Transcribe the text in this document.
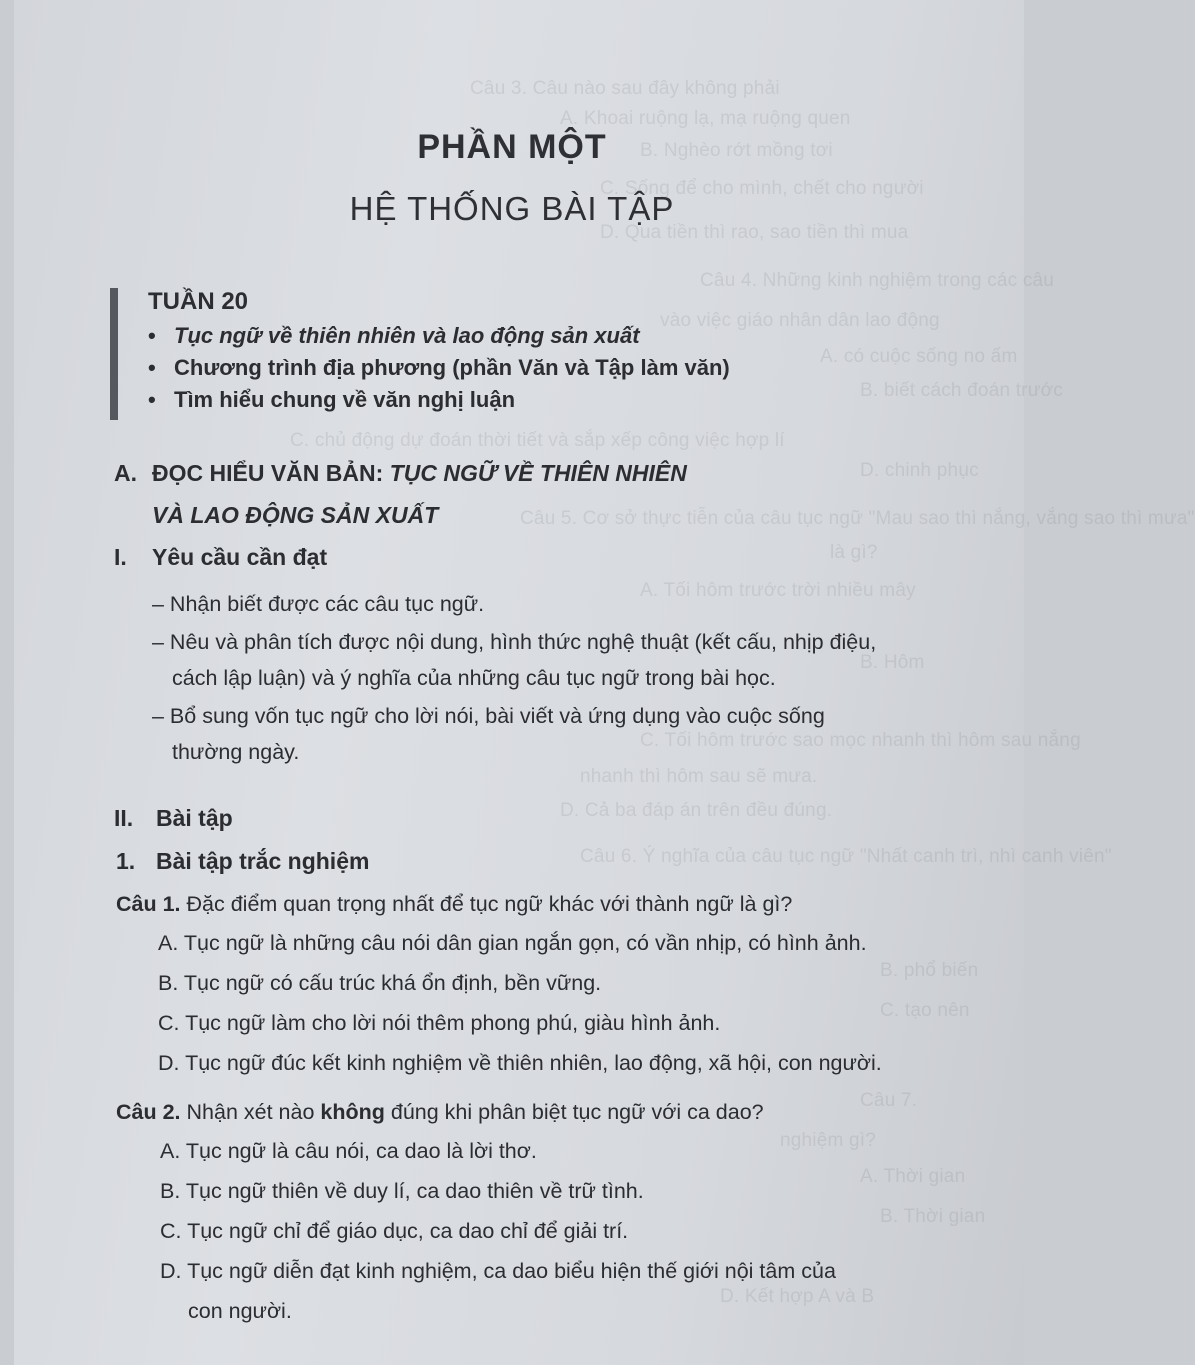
Câu 3. Câu nào sau đây không phải
A. Khoai ruộng lạ, mạ ruộng quen
B. Nghèo rớt mồng tơi
C. Sống để cho mình, chết cho người
D. Qua tiền thì rao, sao tiền thì mua
Câu 4. Những kinh nghiệm trong các câu
vào việc giáo nhân dân lao động
A. có cuộc sống no ấm
B. biết cách đoán trước
C. chủ động dự đoán thời tiết và sắp xếp công việc hợp lí
D. chinh phục
Câu 5. Cơ sở thực tiễn của câu tục ngữ "Mau sao thì nắng, vắng sao thì mưa"
là gì?
A. Tối hôm trước trời nhiều mây
B. Hôm
C. Tối hôm trước sao mọc nhanh thì hôm sau nắng
nhanh thì hôm sau sẽ mưa.
D. Cả ba đáp án trên đều đúng.
Câu 6. Ý nghĩa của câu tục ngữ "Nhất canh trì, nhì canh viên"
B. phổ biến
C. tạo nên
Câu 7.
nghiệm gì?
A. Thời gian
B. Thời gian
D. Kết hợp A và B
PHẦN MỘT
HỆ THỐNG BÀI TẬP
TUẦN 20
• Tục ngữ về thiên nhiên và lao động sản xuất
• Chương trình địa phương (phần Văn và Tập làm văn)
• Tìm hiểu chung về văn nghị luận
A. ĐỌC HIỂU VĂN BẢN: TỤC NGỮ VỀ THIÊN NHIÊN
VÀ LAO ĐỘNG SẢN XUẤT
I. Yêu cầu cần đạt
– Nhận biết được các câu tục ngữ.
– Nêu và phân tích được nội dung, hình thức nghệ thuật (kết cấu, nhịp điệu,
cách lập luận) và ý nghĩa của những câu tục ngữ trong bài học.
– Bổ sung vốn tục ngữ cho lời nói, bài viết và ứng dụng vào cuộc sống
thường ngày.
II. Bài tập
1. Bài tập trắc nghiệm
Câu 1. Đặc điểm quan trọng nhất để tục ngữ khác với thành ngữ là gì?
A. Tục ngữ là những câu nói dân gian ngắn gọn, có vần nhịp, có hình ảnh.
B. Tục ngữ có cấu trúc khá ổn định, bền vững.
C. Tục ngữ làm cho lời nói thêm phong phú, giàu hình ảnh.
D. Tục ngữ đúc kết kinh nghiệm về thiên nhiên, lao động, xã hội, con người.
Câu 2. Nhận xét nào không đúng khi phân biệt tục ngữ với ca dao?
A. Tục ngữ là câu nói, ca dao là lời thơ.
B. Tục ngữ thiên về duy lí, ca dao thiên về trữ tình.
C. Tục ngữ chỉ để giáo dục, ca dao chỉ để giải trí.
D. Tục ngữ diễn đạt kinh nghiệm, ca dao biểu hiện thế giới nội tâm của
con người.
